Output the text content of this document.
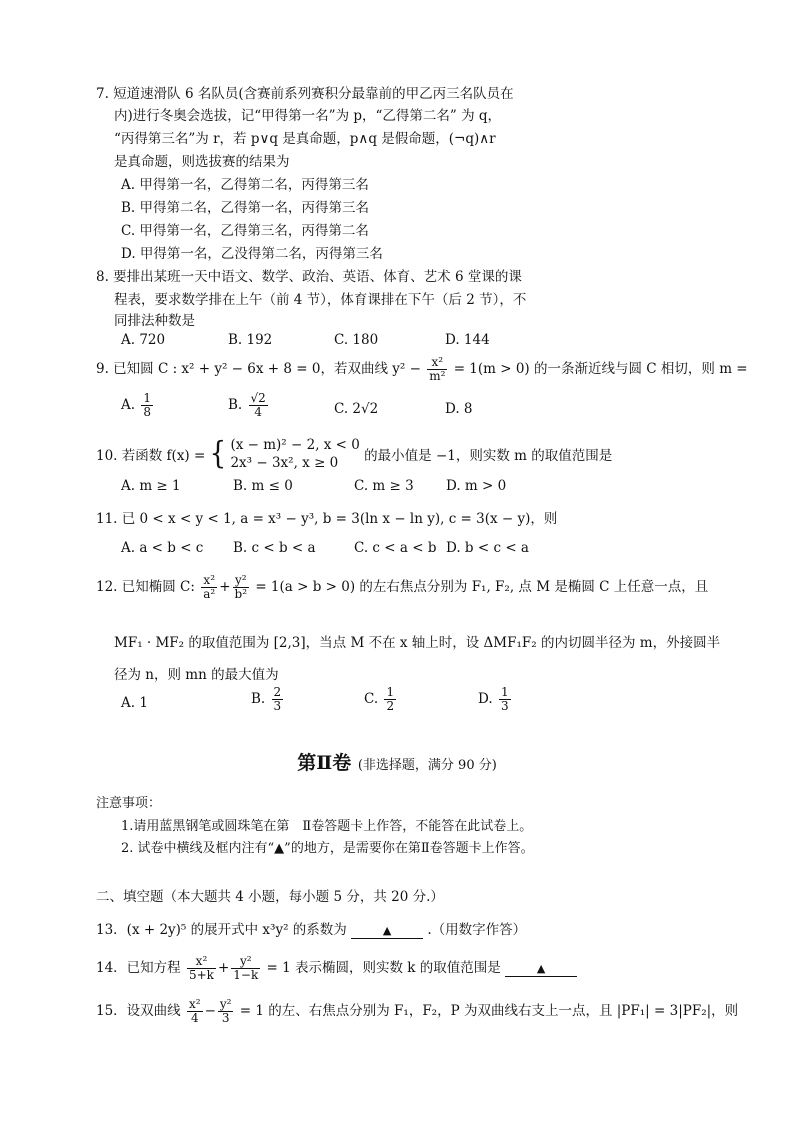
7. 短道速滑队 6 名队员(含赛前系列赛积分最靠前的甲乙丙三名队员在
内)进行冬奥会选拔，记“甲得第一名”为 p，“乙得第二名” 为 q，
“丙得第三名”为 r，若 p∨q 是真命题，p∧q 是假命题，(¬q)∧r
是真命题，则选拔赛的结果为
A. 甲得第一名，乙得第二名，丙得第三名
B. 甲得第二名，乙得第一名，丙得第三名
C. 甲得第一名，乙得第三名，丙得第二名
D. 甲得第一名，乙没得第二名，丙得第三名
8. 要排出某班一天中语文、数学、政治、英语、体育、艺术 6 堂课的课
程表，要求数学排在上午（前 4 节），体育课排在下午（后 2 节），不
同排法种数是
A. 720	B. 192	C. 180	D. 144
9. 已知圆 C : x² + y² − 6x + 8 = 0，若双曲线 $y^2 - \frac{\text{x²}}{\text{m²}} = 1(m > 0)$ 的一条渐近线与圆 C 相切，则 m =
A. $\frac{1}{8}$	B. $\frac{√2}{4}$	C. 2√2	D. 8
10. 若函数 f(x) = { (x − m)² − 2, x < 0
2x³ − 3x², x ≥ 0	的最小值是 −1，则实数 m 的取值范围是
A. m ≥ 1	B. m ≤ 0	C. m ≥ 3 D. m > 0
11. 已 0 < x < y < 1, a = x³ − y³, b = 3(ln x − ln y), c = 3(x − y)，则
A. a < b < c B. c < b < a	C. c < a < b D. b < c < a
12. 已知椭圆 C: $\frac{\text{x²}}{\text{a²}} + \frac{\text{y²}}{\text{b²}} = 1(a > b > 0)$ 的左右焦点分别为 F₁, F₂, 点 M 是椭圆 C 上任意一点，且
MF₁ · MF₂ 的取值范围为 [2,3]，当点 M 不在 x 轴上时，设 ΔMF₁F₂ 的内切圆半径为 m，外接圆半
径为 n，则 mn 的最大值为
A. 1	B. $\frac{2}{3}$	C. $\frac{1}{2}$	D. $\frac{1}{3}$
第Ⅱ卷 (非选择题，满分 90 分)
注意事项：
1.请用蓝黑钢笔或圆珠笔在第　Ⅱ卷答题卡上作答，不能答在此试卷上。
2. 试卷中横线及框内注有“▲”的地方，是需要你在第Ⅱ卷答题卡上作答。
二、填空题（本大题共 4 小题，每小题 5 分，共 20 分.）
13．(x + 2y)⁵ 的展开式中 x³y² 的系数为	▲	.（用数字作答）
14．已知方程 $\frac{\text{x²}}{5+k} + \frac{\text{y²}}{1-k} = 1$ 表示椭圆，则实数 k 的取值范围是	▲
15．设双曲线 $\frac{\text{x²}}{4} - \frac{\text{y²}}{3} = 1$ 的左、右焦点分别为 F₁，F₂，P 为双曲线右支上一点，且 |PF₁| = 3|PF₂|，则
